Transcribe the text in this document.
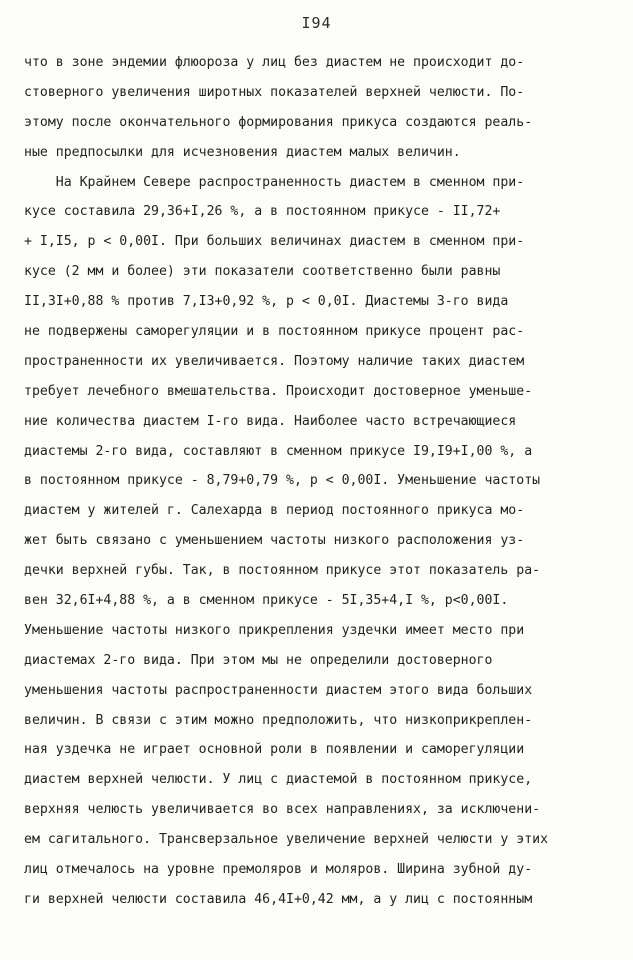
I94
что в зоне эндемии флюороза у лиц без диастем не происходит до-
стоверного увеличения широтных показателей верхней челюсти. По-
этому после окончательного формирования прикуса создаются реаль-
ные предпосылки для исчезновения диастем малых величин.
На Крайнем Севере распространенность диастем в сменном при-
кусе составила 29,36+I,26 %, а в постоянном прикусе - II,72+
+ I,I5, p < 0,00I. При больших величинах диастем в сменном при-
кусе (2 мм и более) эти показатели соответственно были равны
II,3I+0,88 % против 7,I3+0,92 %, p < 0,0I. Диастемы 3-го вида
не подвержены саморегуляции и в постоянном прикусе процент рас-
пространенности их увеличивается. Поэтому наличие таких диастем
требует лечебного вмешательства. Происходит достоверное уменьше-
ние количества диастем I-го вида. Наиболее часто встречающиеся
диастемы 2-го вида, составляют в сменном прикусе I9,I9+I,00 %, а
в постоянном прикусе - 8,79+0,79 %, p < 0,00I. Уменьшение частоты
диастем у жителей г. Салехарда в период постоянного прикуса мо-
жет быть связано с уменьшением частоты низкого расположения уз-
дечки верхней губы. Так, в постоянном прикусе этот показатель ра-
вен 32,6I+4,88 %, а в сменном прикусе - 5I,35+4,I %, p<0,00I.
Уменьшение частоты низкого прикрепления уздечки имеет место при
диастемах 2-го вида. При этом мы не определили достоверного
уменьшения частоты распространенности диастем этого вида больших
величин. В связи с этим можно предположить, что низкоприкреплен-
ная уздечка не играет основной роли в появлении и саморегуляции
диастем верхней челюсти. У лиц с диастемой в постоянном прикусе,
верхняя челюсть увеличивается во всех направлениях, за исключени-
ем сагитального. Трансверзальное увеличение верхней челюсти у этих
лиц отмечалось на уровне премоляров и моляров. Ширина зубной ду-
ги верхней челюсти составила 46,4I+0,42 мм, а у лиц с постоянным
